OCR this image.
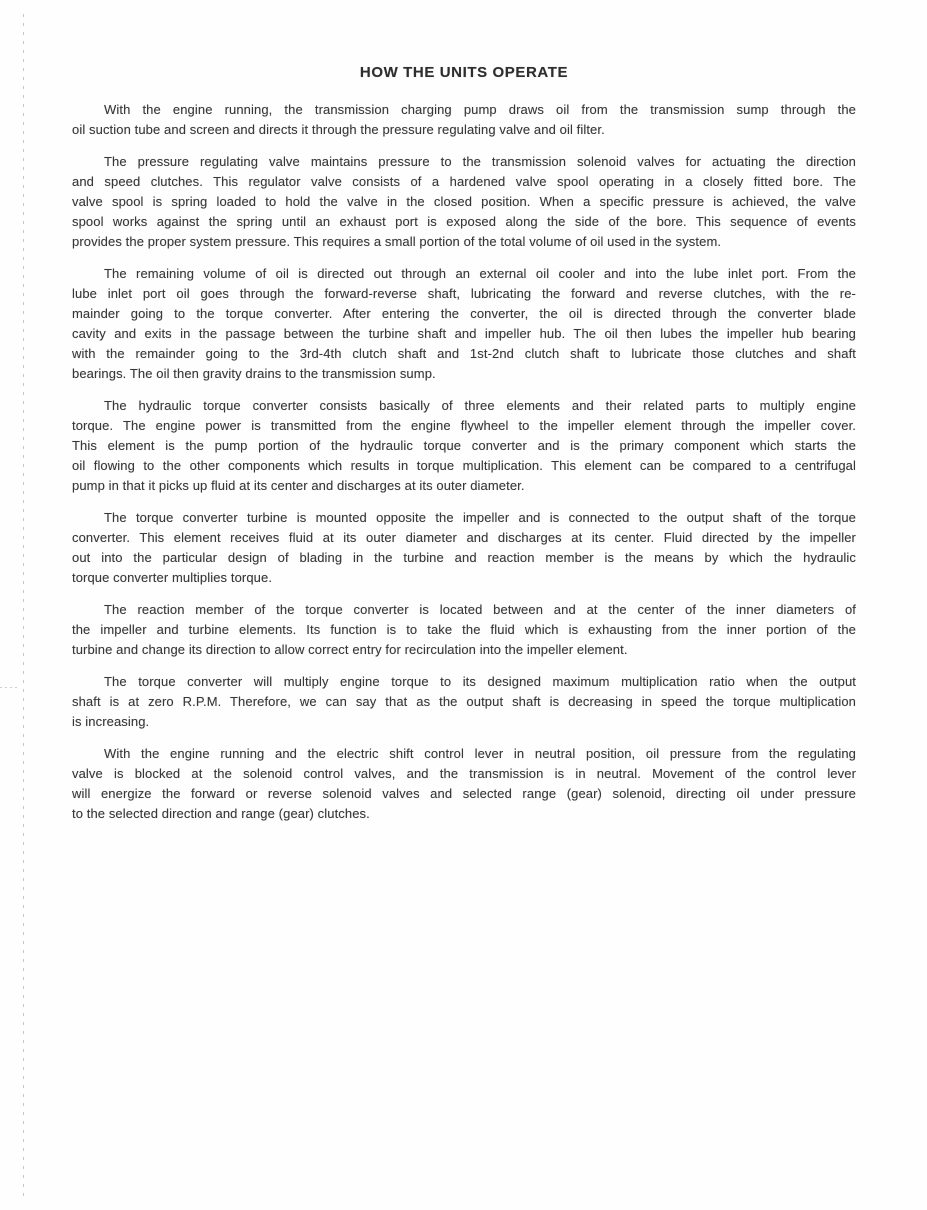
HOW THE UNITS OPERATE
With the engine running, the transmission charging pump draws oil from the transmission sump through the
oil suction tube and screen and directs it through the pressure regulating valve and oil filter.
The pressure regulating valve maintains pressure to the transmission solenoid valves for actuating the direction
and speed clutches. This regulator valve consists of a hardened valve spool operating in a closely fitted bore. The
valve spool is spring loaded to hold the valve in the closed position. When a specific pressure is achieved, the valve
spool works against the spring until an exhaust port is exposed along the side of the bore. This sequence of events
provides the proper system pressure. This requires a small portion of the total volume of oil used in the system.
The remaining volume of oil is directed out through an external oil cooler and into the lube inlet port. From the
lube inlet port oil goes through the forward-reverse shaft, lubricating the forward and reverse clutches, with the re-
mainder going to the torque converter. After entering the converter, the oil is directed through the converter blade
cavity and exits in the passage between the turbine shaft and impeller hub. The oil then lubes the impeller hub bearing
with the remainder going to the 3rd-4th clutch shaft and 1st-2nd clutch shaft to lubricate those clutches and shaft
bearings. The oil then gravity drains to the transmission sump.
The hydraulic torque converter consists basically of three elements and their related parts to multiply engine
torque. The engine power is transmitted from the engine flywheel to the impeller element through the impeller cover.
This element is the pump portion of the hydraulic torque converter and is the primary component which starts the
oil flowing to the other components which results in torque multiplication. This element can be compared to a centrifugal
pump in that it picks up fluid at its center and discharges at its outer diameter.
The torque converter turbine is mounted opposite the impeller and is connected to the output shaft of the torque
converter. This element receives fluid at its outer diameter and discharges at its center. Fluid directed by the impeller
out into the particular design of blading in the turbine and reaction member is the means by which the hydraulic
torque converter multiplies torque.
The reaction member of the torque converter is located between and at the center of the inner diameters of
the impeller and turbine elements. Its function is to take the fluid which is exhausting from the inner portion of the
turbine and change its direction to allow correct entry for recirculation into the impeller element.
The torque converter will multiply engine torque to its designed maximum multiplication ratio when the output
shaft is at zero R.P.M. Therefore, we can say that as the output shaft is decreasing in speed the torque multiplication
is increasing.
With the engine running and the electric shift control lever in neutral position, oil pressure from the regulating
valve is blocked at the solenoid control valves, and the transmission is in neutral. Movement of the control lever
will energize the forward or reverse solenoid valves and selected range (gear) solenoid, directing oil under pressure
to the selected direction and range (gear) clutches.
